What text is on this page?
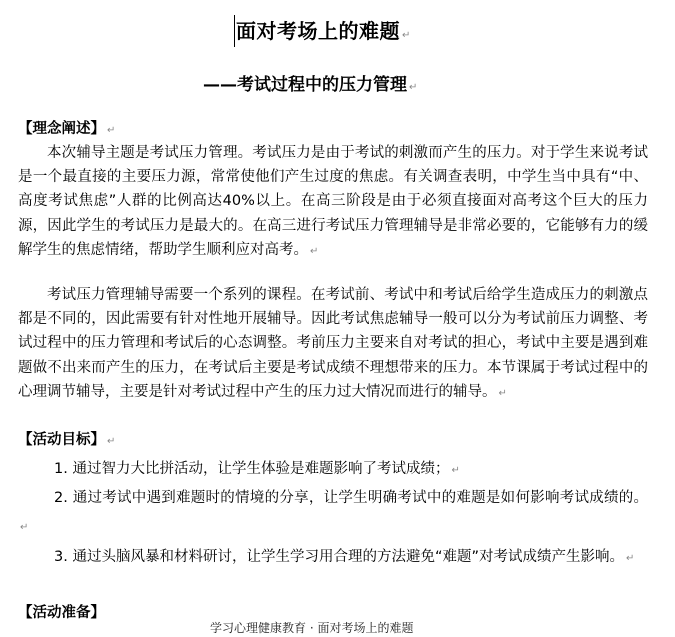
面对考场上的难题 ↵
——考试过程中的压力管理 ↵
【理念阐述】 ↵
本次辅导主题是考试压力管理。考试压力是由于考试的刺激而产生的压力。对于学生来说考试是一个最直接的主要压力源，常常使他们产生过度的焦虑。有关调查表明，中学生当中具有“中、高度考试焦虑”人群的比例高达40%以上。在高三阶段是由于必须直接面对高考这个巨大的压力源，因此学生的考试压力是最大的。在高三进行考试压力管理辅导是非常必要的，它能够有力的缓解学生的焦虑情绪，帮助学生顺利应对高考。 ↵
考试压力管理辅导需要一个系列的课程。在考试前、考试中和考试后给学生造成压力的刺激点都是不同的，因此需要有针对性地开展辅导。因此考试焦虑辅导一般可以分为考试前压力调整、考试过程中的压力管理和考试后的心态调整。考前压力主要来自对考试的担心，考试中主要是遇到难题做不出来而产生的压力，在考试后主要是考试成绩不理想带来的压力。本节课属于考试过程中的心理调节辅导，主要是针对考试过程中产生的压力过大情况而进行的辅导。 ↵
【活动目标】 ↵
1. 通过智力大比拼活动，让学生体验是难题影响了考试成绩； ↵
2. 通过考试中遇到难题时的情境的分享，让学生明确考试中的难题是如何影响考试成绩的。↵
3. 通过头脑风暴和材料研讨，让学生学习用合理的方法避免“难题”对考试成绩产生影响。 ↵
【活动准备】
学习心理健康教育 · 面对考场上的难题
